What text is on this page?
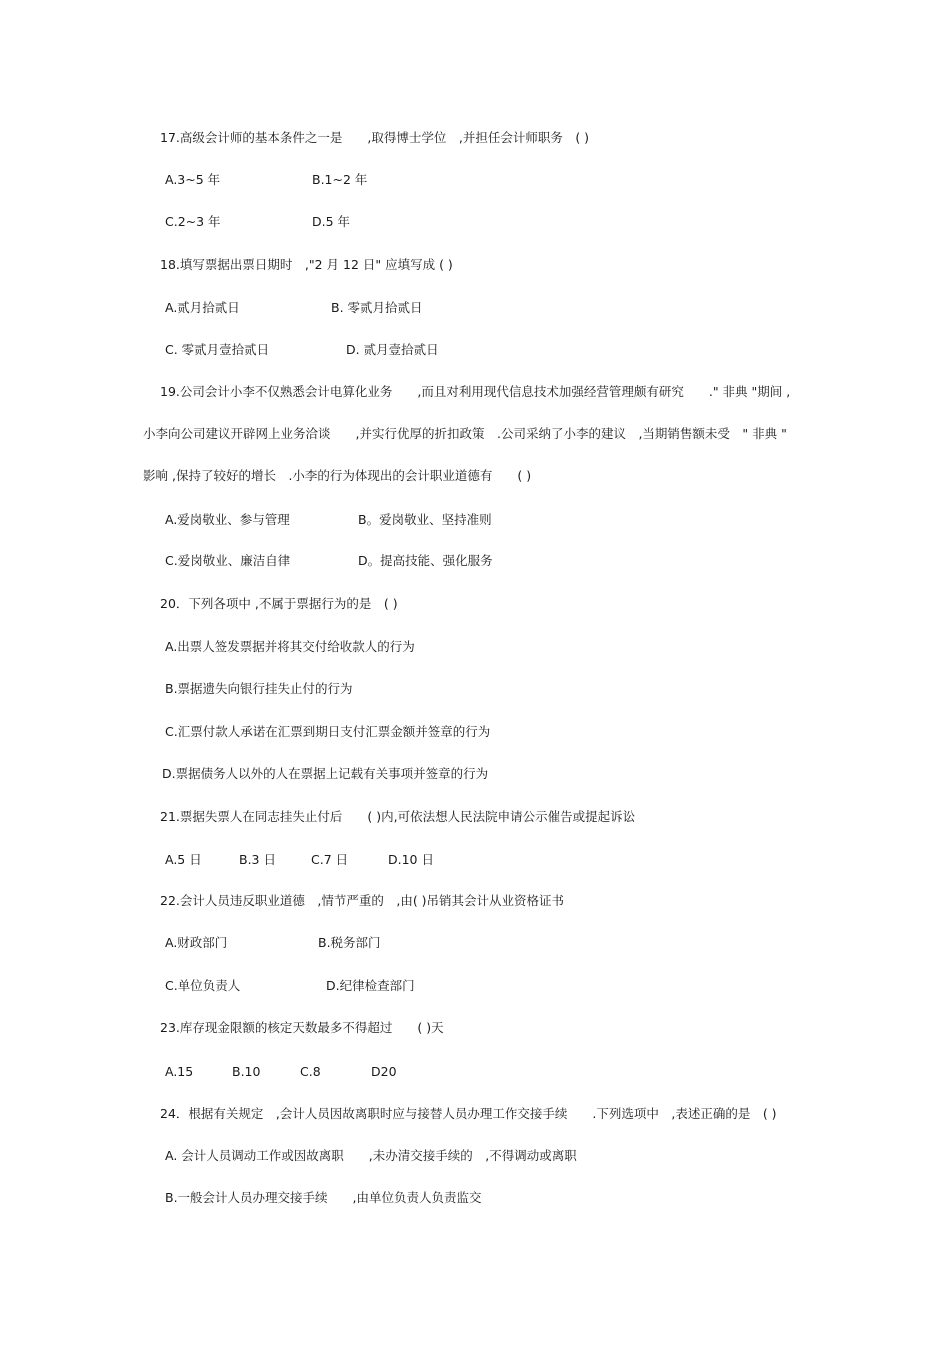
17.高级会计师的基本条件之一是　　,取得博士学位　,并担任会计师职务　( )
A.3~5 年	B.1~2 年
C.2~3 年	D.5 年
18.填写票据出票日期时　,"2 月 12 日" 应填写成 ( )
A.贰月拾贰日	B. 零贰月拾贰日
C. 零贰月壹拾贰日	D. 贰月壹拾贰日
19.公司会计小李不仅熟悉会计电算化业务　　,而且对利用现代信息技术加强经营管理颇有研究　　." 非典 "期间 ,
小李向公司建议开辟网上业务洽谈　　,并实行优厚的折扣政策　.公司采纳了小李的建议　,当期销售额未受　" 非典 "
影响 ,保持了较好的增长　.小李的行为体现出的会计职业道德有　　( )
A.爱岗敬业、参与管理	B。爱岗敬业、坚持准则
C.爱岗敬业、廉洁自律	D。提高技能、强化服务
20．下列各项中 ,不属于票据行为的是　( )
A.出票人签发票据并将其交付给收款人的行为
B.票据遗失向银行挂失止付的行为
C.汇票付款人承诺在汇票到期日支付汇票金额并签章的行为
D.票据债务人以外的人在票据上记载有关事项并签章的行为
21.票据失票人在同志挂失止付后　　( )内,可依法想人民法院申请公示催告或提起诉讼
A.5 日	B.3 日	C.7 日	D.10 日
22.会计人员违反职业道德　,情节严重的　,由( )吊销其会计从业资格证书
A.财政部门	B.税务部门
C.单位负责人	D.纪律检查部门
23.库存现金限额的核定天数最多不得超过　　( )天
A.15	B.10	C.8	D20
24．根据有关规定　,会计人员因故离职时应与接替人员办理工作交接手续　　.下列选项中　,表述正确的是　( )
A. 会计人员调动工作或因故离职　　,未办清交接手续的　,不得调动或离职
B.一般会计人员办理交接手续　　,由单位负责人负责监交
